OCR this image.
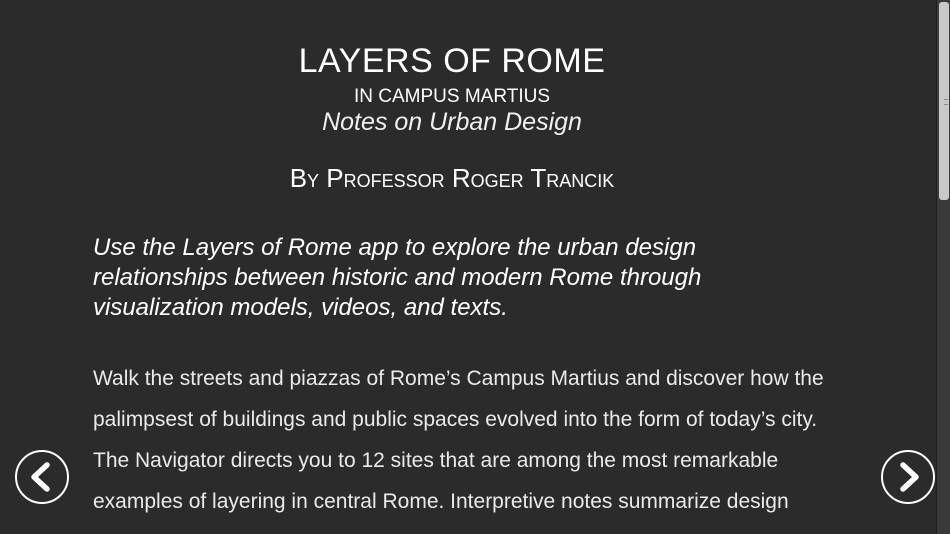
LAYERS OF ROME
IN CAMPUS MARTIUS
Notes on Urban Design
By Professor Roger Trancik
Use the Layers of Rome app to explore the urban design
relationships between historic and modern Rome through
visualization models, videos, and texts.
Walk the streets and piazzas of Rome’s Campus Martius and discover how the
palimpsest of buildings and public spaces evolved into the form of today’s city.
The Navigator directs you to 12 sites that are among the most remarkable
examples of layering in central Rome. Interpretive notes summarize design
